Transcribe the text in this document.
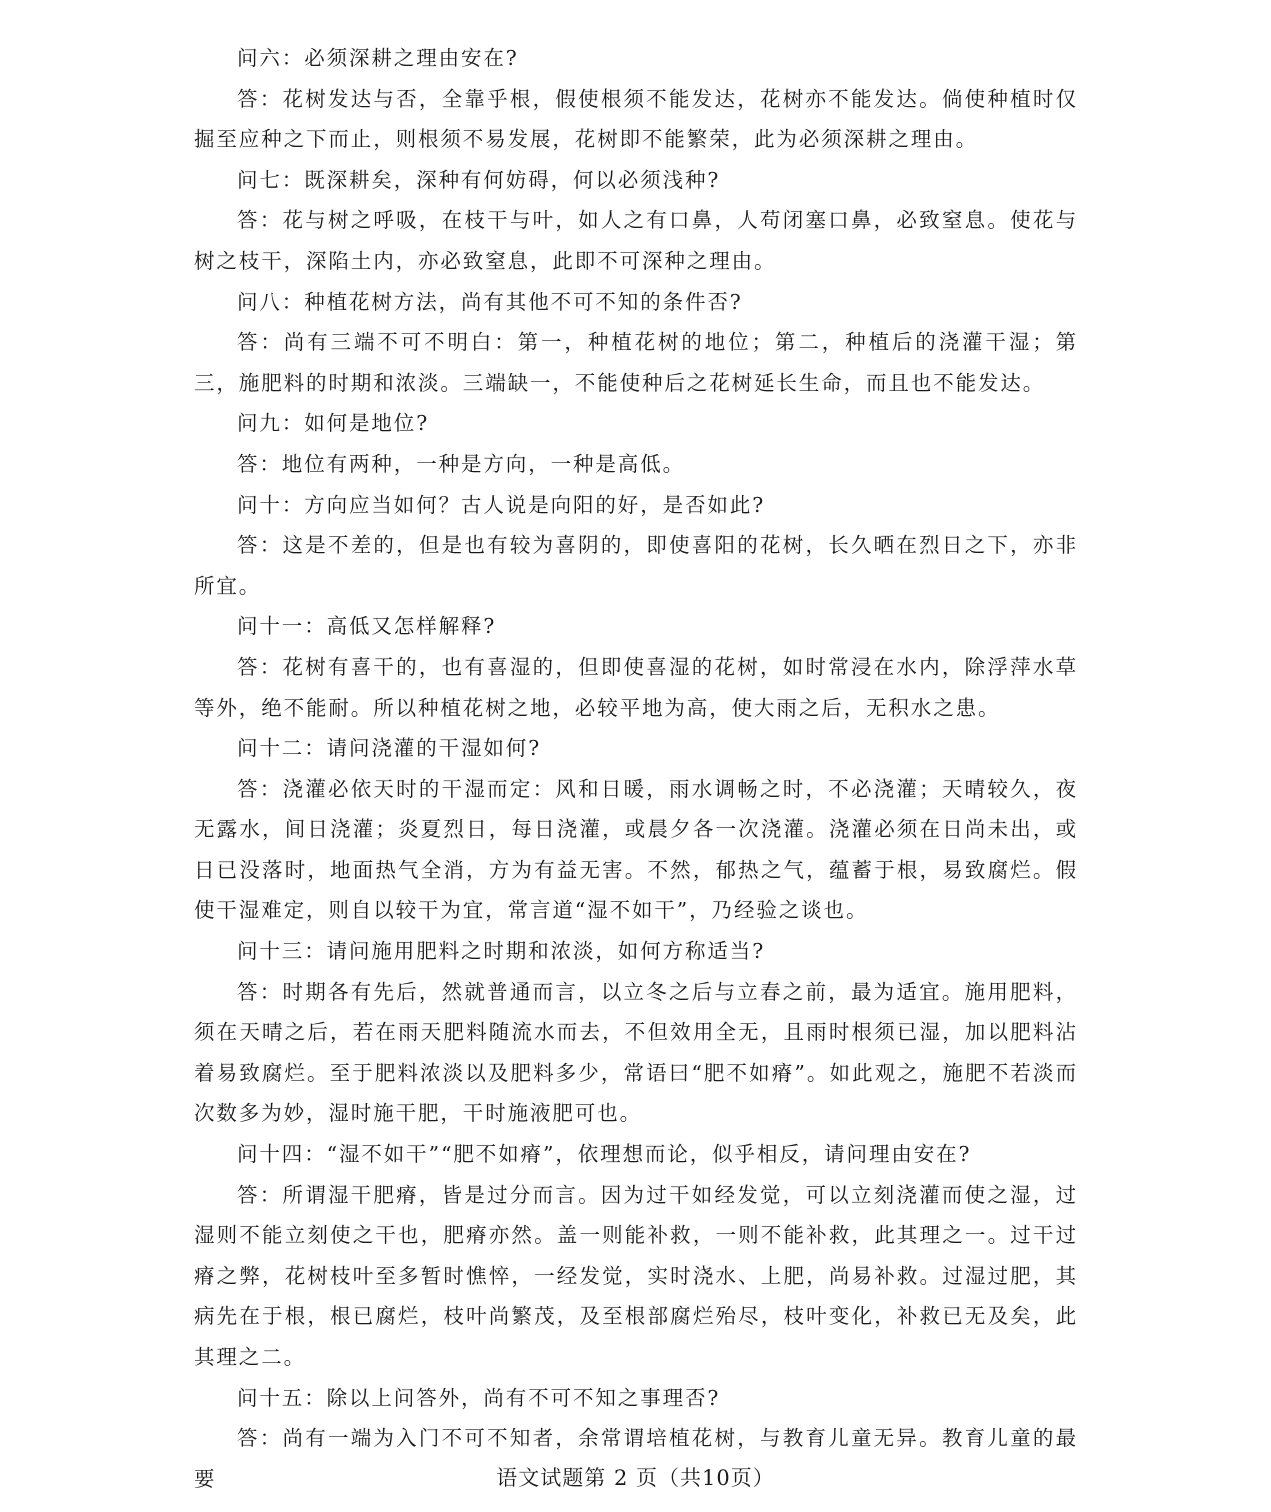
问六：必须深耕之理由安在?

答：花树发达与否，全靠乎根，假使根须不能发达，花树亦不能发达。倘使种植时仅掘至应种之下而止，则根须不易发展，花树即不能繁荣，此为必须深耕之理由。

问七：既深耕矣，深种有何妨碍，何以必须浅种?

答：花与树之呼吸，在枝干与叶，如人之有口鼻，人苟闭塞口鼻，必致窒息。使花与树之枝干，深陷土内，亦必致窒息，此即不可深种之理由。

问八：种植花树方法，尚有其他不可不知的条件否?

答：尚有三端不可不明白：第一，种植花树的地位；第二，种植后的浇灌干湿；第三，施肥料的时期和浓淡。三端缺一，不能使种后之花树延长生命，而且也不能发达。

问九：如何是地位?

答：地位有两种，一种是方向，一种是高低。

问十：方向应当如何？古人说是向阳的好，是否如此?

答：这是不差的，但是也有较为喜阴的，即使喜阳的花树，长久晒在烈日之下，亦非所宜。

问十一：高低又怎样解释?

答：花树有喜干的，也有喜湿的，但即使喜湿的花树，如时常浸在水内，除浮萍水草等外，绝不能耐。所以种植花树之地，必较平地为高，使大雨之后，无积水之患。

问十二：请问浇灌的干湿如何?

答：浇灌必依天时的干湿而定：风和日暖，雨水调畅之时，不必浇灌；天晴较久，夜无露水，间日浇灌；炎夏烈日，每日浇灌，或晨夕各一次浇灌。浇灌必须在日尚未出，或日已没落时，地面热气全消，方为有益无害。不然，郁热之气，蕴蓄于根，易致腐烂。假使干湿难定，则自以较干为宜，常言道“湿不如干”，乃经验之谈也。

问十三：请问施用肥料之时期和浓淡，如何方称适当?

答：时期各有先后，然就普通而言，以立冬之后与立春之前，最为适宜。施用肥料，须在天晴之后，若在雨天肥料随流水而去，不但效用全无，且雨时根须已湿，加以肥料沾着易致腐烂。至于肥料浓淡以及肥料多少，常语曰“肥不如瘠”。如此观之，施肥不若淡而次数多为妙，湿时施干肥，干时施液肥可也。

问十四：“湿不如干”“肥不如瘠”，依理想而论，似乎相反，请问理由安在?

答：所谓湿干肥瘠，皆是过分而言。因为过干如经发觉，可以立刻浇灌而使之湿，过湿则不能立刻使之干也，肥瘠亦然。盖一则能补救，一则不能补救，此其理之一。过干过瘠之弊，花树枝叶至多暂时憔悴，一经发觉，实时浇水、上肥，尚易补救。过湿过肥，其病先在于根，根已腐烂，枝叶尚繁茂，及至根部腐烂殆尽，枝叶变化，补救已无及矣，此其理之二。

问十五：除以上问答外，尚有不可不知之事理否?

答：尚有一端为入门不可不知者，余常谓培植花树，与教育儿童无异。教育儿童的最要	语文试题第 2 页（共10页）
